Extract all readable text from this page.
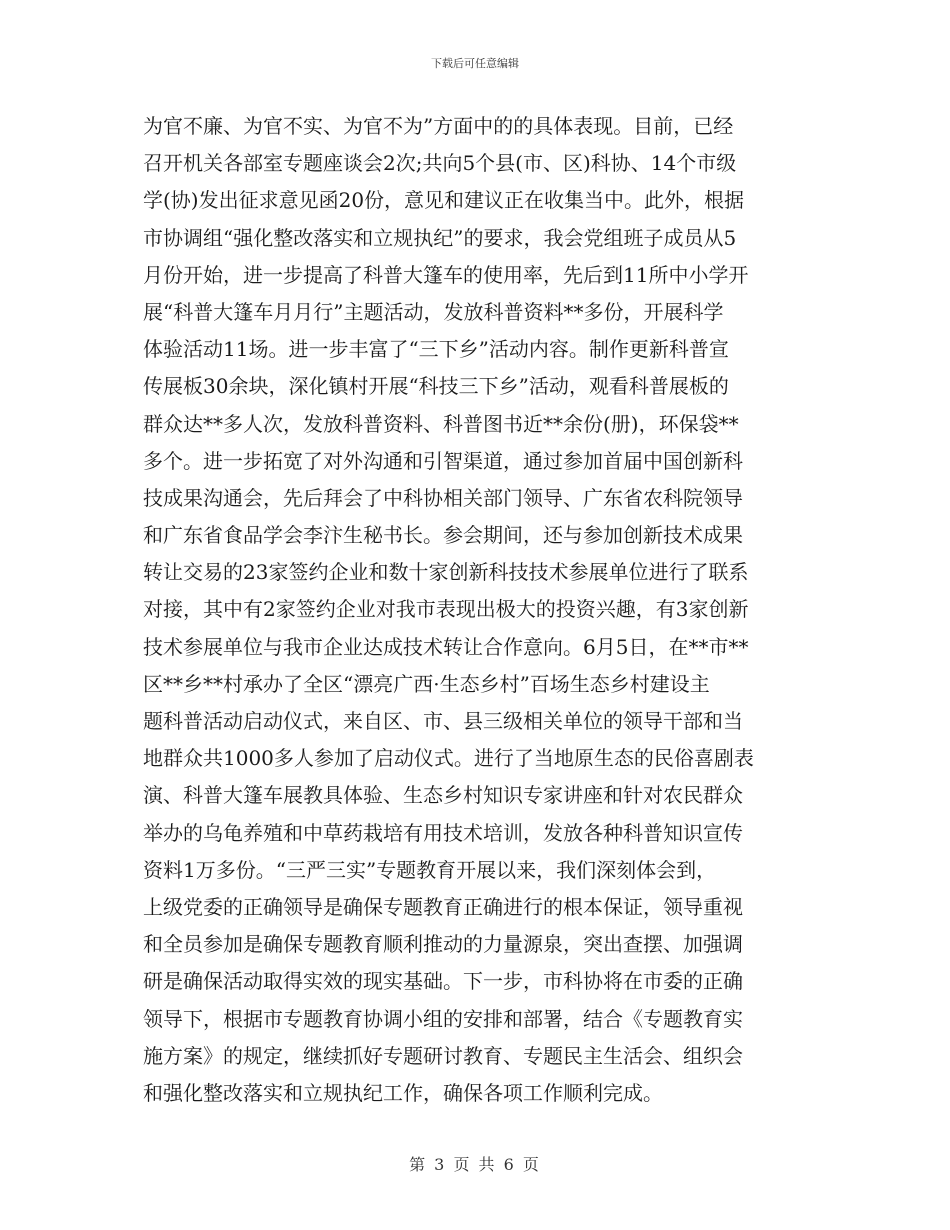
下载后可任意编辑
为官不廉、为官不实、为官不为”方面中的的具体表现。目前，已经
召开机关各部室专题座谈会2次;共向5个县(市、区)科协、14个市级
学(协)发出征求意见函20份，意见和建议正在收集当中。此外，根据
市协调组“强化整改落实和立规执纪”的要求，我会党组班子成员从5
月份开始，进一步提高了科普大篷车的使用率，先后到11所中小学开
展“科普大篷车月月行”主题活动，发放科普资料**多份，开展科学
体验活动11场。进一步丰富了“三下乡”活动内容。制作更新科普宣
传展板30余块，深化镇村开展“科技三下乡”活动，观看科普展板的
群众达**多人次，发放科普资料、科普图书近**余份(册)，环保袋**
多个。进一步拓宽了对外沟通和引智渠道，通过参加首届中国创新科
技成果沟通会，先后拜会了中科协相关部门领导、广东省农科院领导
和广东省食品学会李汴生秘书长。参会期间，还与参加创新技术成果
转让交易的23家签约企业和数十家创新科技技术参展单位进行了联系
对接，其中有2家签约企业对我市表现出极大的投资兴趣，有3家创新
技术参展单位与我市企业达成技术转让合作意向。6月5日，在**市**
区**乡**村承办了全区“漂亮广西·生态乡村”百场生态乡村建设主
题科普活动启动仪式，来自区、市、县三级相关单位的领导干部和当
地群众共1000多人参加了启动仪式。进行了当地原生态的民俗喜剧表
演、科普大篷车展教具体验、生态乡村知识专家讲座和针对农民群众
举办的乌龟养殖和中草药栽培有用技术培训，发放各种科普知识宣传
资料1万多份。“三严三实”专题教育开展以来，我们深刻体会到，
上级党委的正确领导是确保专题教育正确进行的根本保证，领导重视
和全员参加是确保专题教育顺利推动的力量源泉，突出查摆、加强调
研是确保活动取得实效的现实基础。下一步，市科协将在市委的正确
领导下，根据市专题教育协调小组的安排和部署，结合《专题教育实
施方案》的规定，继续抓好专题研讨教育、专题民主生活会、组织会
和强化整改落实和立规执纪工作，确保各项工作顺利完成。
第 3 页 共 6 页
